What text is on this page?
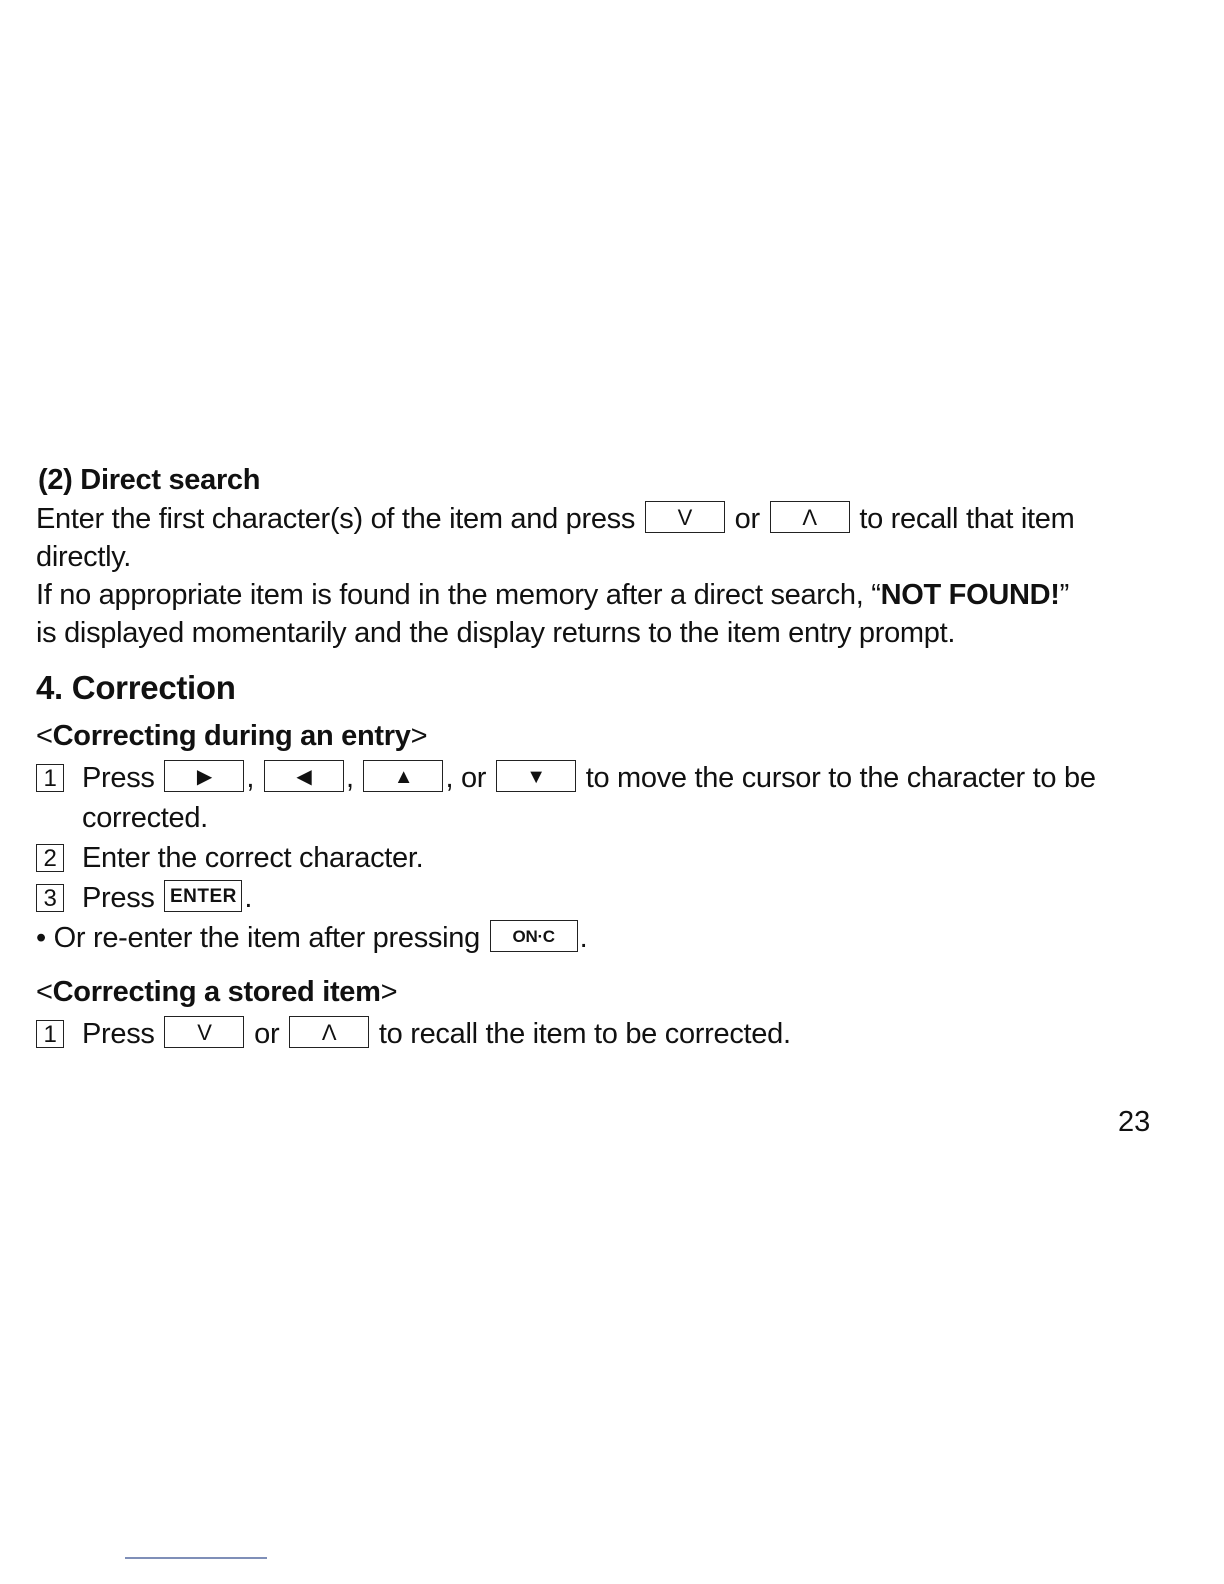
(2) Direct search

Enter the first character(s) of the item and press V or Λ to recall that item
directly.

If no appropriate item is found in the memory after a direct search, “NOT FOUND!”
is displayed momentarily and the display returns to the item entry prompt.

4. Correction

<Correcting during an entry>

1 Press ▶ , ◀ , ▲ , or ▼ to move the cursor to the character to be
corrected.

2 Enter the correct character.

3 Press ENTER .

• Or re-enter the item after pressing ON·C .

<Correcting a stored item>

1 Press V or Λ to recall the item to be corrected.

23
